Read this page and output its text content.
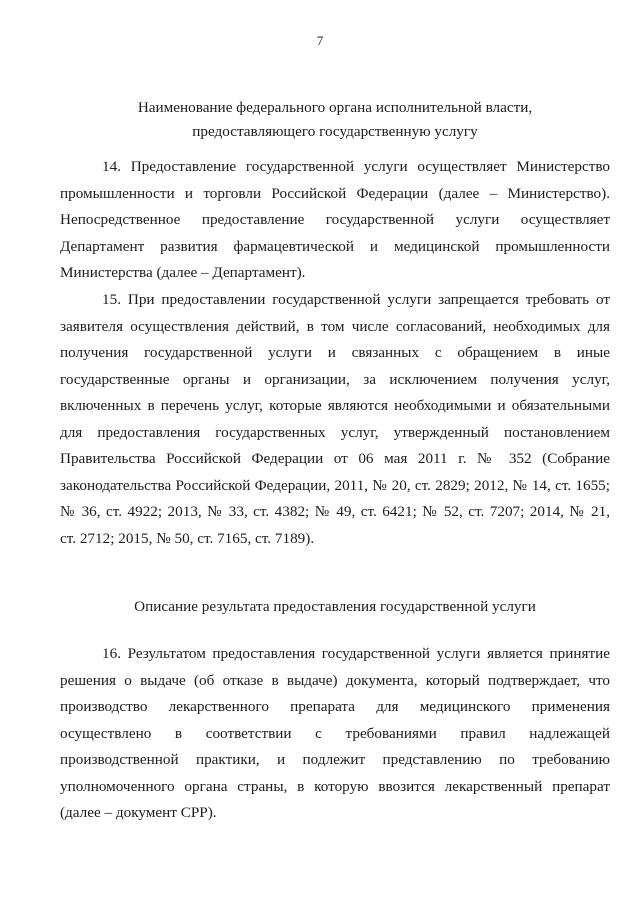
7
Наименование федерального органа исполнительной власти,
предоставляющего государственную услугу
14. Предоставление государственной услуги осуществляет Министерство
промышленности и торговли Российской Федерации (далее – Министерство).
Непосредственное предоставление государственной услуги осуществляет
Департамент развития фармацевтической и медицинской промышленности
Министерства (далее – Департамент).
15. При предоставлении государственной услуги запрещается требовать от
заявителя осуществления действий, в том числе согласований, необходимых для
получения государственной услуги и связанных с обращением в иные
государственные органы и организации, за исключением получения услуг,
включенных в перечень услуг, которые являются необходимыми и обязательными
для предоставления государственных услуг, утвержденный постановлением
Правительства Российской Федерации от 06 мая 2011 г. № 352 (Собрание
законодательства Российской Федерации, 2011, № 20, ст. 2829; 2012, № 14, ст. 1655;
№ 36, ст. 4922; 2013, № 33, ст. 4382; № 49, ст. 6421; № 52, ст. 7207; 2014, № 21,
ст. 2712; 2015, № 50, ст. 7165, ст. 7189).
Описание результата предоставления государственной услуги
16. Результатом предоставления государственной услуги является принятие
решения о выдаче (об отказе в выдаче) документа, который подтверждает, что
производство лекарственного препарата для медицинского применения
осуществлено в соответствии с требованиями правил надлежащей
производственной практики, и подлежит представлению по требованию
уполномоченного органа страны, в которую ввозится лекарственный препарат
(далее – документ CPP).
